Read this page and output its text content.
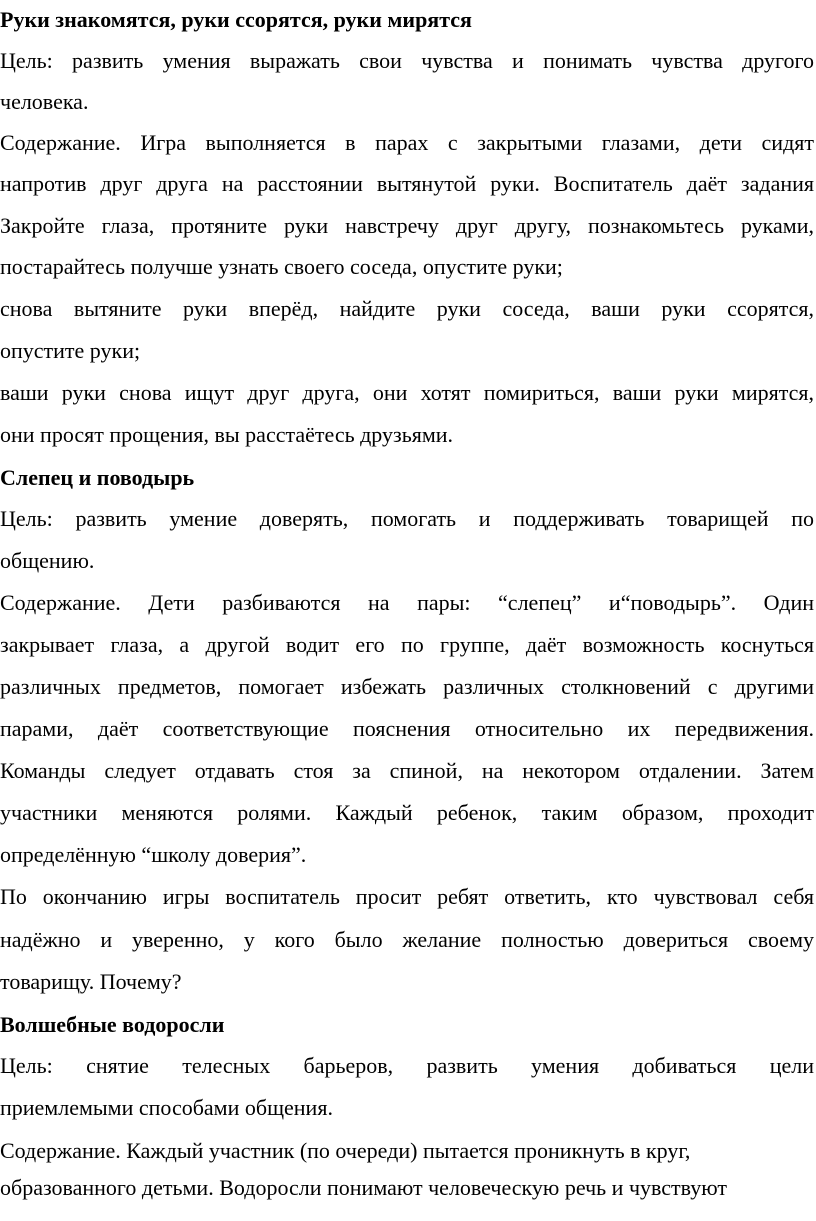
Руки знакомятся, руки ссорятся, руки мирятся
Цель: развить умения выражать свои чувства и понимать чувства другого
человека.
Содержание. Игра выполняется в парах с закрытыми глазами, дети сидят
напротив друг друга на расстоянии вытянутой руки. Воспитатель даёт задания
Закройте глаза, протяните руки навстречу друг другу, познакомьтесь руками,
постарайтесь получше узнать своего соседа, опустите руки;
снова вытяните руки вперёд, найдите руки соседа, ваши руки ссорятся,
опустите руки;
ваши руки снова ищут друг друга, они хотят помириться, ваши руки мирятся,
они просят прощения, вы расстаётесь друзьями.
Слепец и поводырь
Цель: развить умение доверять, помогать и поддерживать товарищей по
общению.
Содержание. Дети разбиваются на пары: “слепец” и“поводырь”. Один
закрывает глаза, а другой водит его по группе, даёт возможность коснуться
различных предметов, помогает избежать различных столкновений с другими
парами, даёт соответствующие пояснения относительно их передвижения.
Команды следует отдавать стоя за спиной, на некотором отдалении. Затем
участники меняются ролями. Каждый ребенок, таким образом, проходит
определённую “школу доверия”.
По окончанию игры воспитатель просит ребят ответить, кто чувствовал себя
надёжно и уверенно, у кого было желание полностью довериться своему
товарищу. Почему?
Волшебные водоросли
Цель: снятие телесных барьеров, развить умения добиваться цели
приемлемыми способами общения.
Содержание. Каждый участник (по очереди) пытается проникнуть в круг,
образованного детьми. Водоросли понимают человеческую речь и чувствуют
